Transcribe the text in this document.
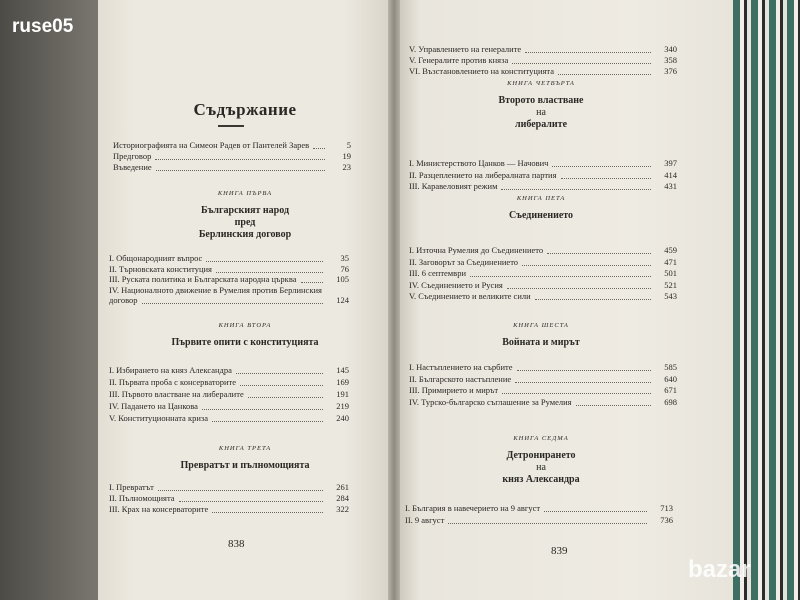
ruse05
Съдържание
Историографията на Симеон Радев от Пантелей Зарев	5
Предговор	19
Въведение	23
КНИГА ПЪРВА
Българският народ
пред
Берлинския договор
I. Общонародният въпрос	35
II. Търновската конституция	76
III. Руската политика и Българската народна църква	105
IV. Националното движение в Румелия против Берлинския
договор	124
КНИГА ВТОРА
Първите опити с конституцията
I. Избирането на княз Александра	145
II. Първата проба с консерваторите	169
III. Първото властване на либералите	191
IV. Падането на Цанкова	219
V. Конституционната криза	240
КНИГА ТРЕТА
Превратът и пълномощията
I. Превратът	261
II. Пълномощията	284
III. Крах на консерваторите	322
V. Управлението на генералите	340
V. Генералите против княза	358
VI. Възстановлението на конституцията	376
КНИГА ЧЕТВЪРТА
Второто властване
на
либералите
I. Министерството Цанков — Начович	397
II. Разцеплението на либералната партия	414
III. Каравеловият режим	431
КНИГА ПЕТА
Съединението
I. Източна Румелия до Съединението	459
II. Заговорът за Съединението	471
III. 6 септември	501
IV. Съединението и Русия	521
V. Съединението и великите сили	543
КНИГА ШЕСТА
Войната и мирът
I. Настъплението на сърбите	585
II. Българското настъпление	640
III. Примирието и мирът	671
IV. Турско-българско съглашение за Румелия	698
КНИГА СЕДМА
Детронирането
на
княз Александра
I. България в навечерието на 9 август	713
II. 9 август	736
838
839
bazar
